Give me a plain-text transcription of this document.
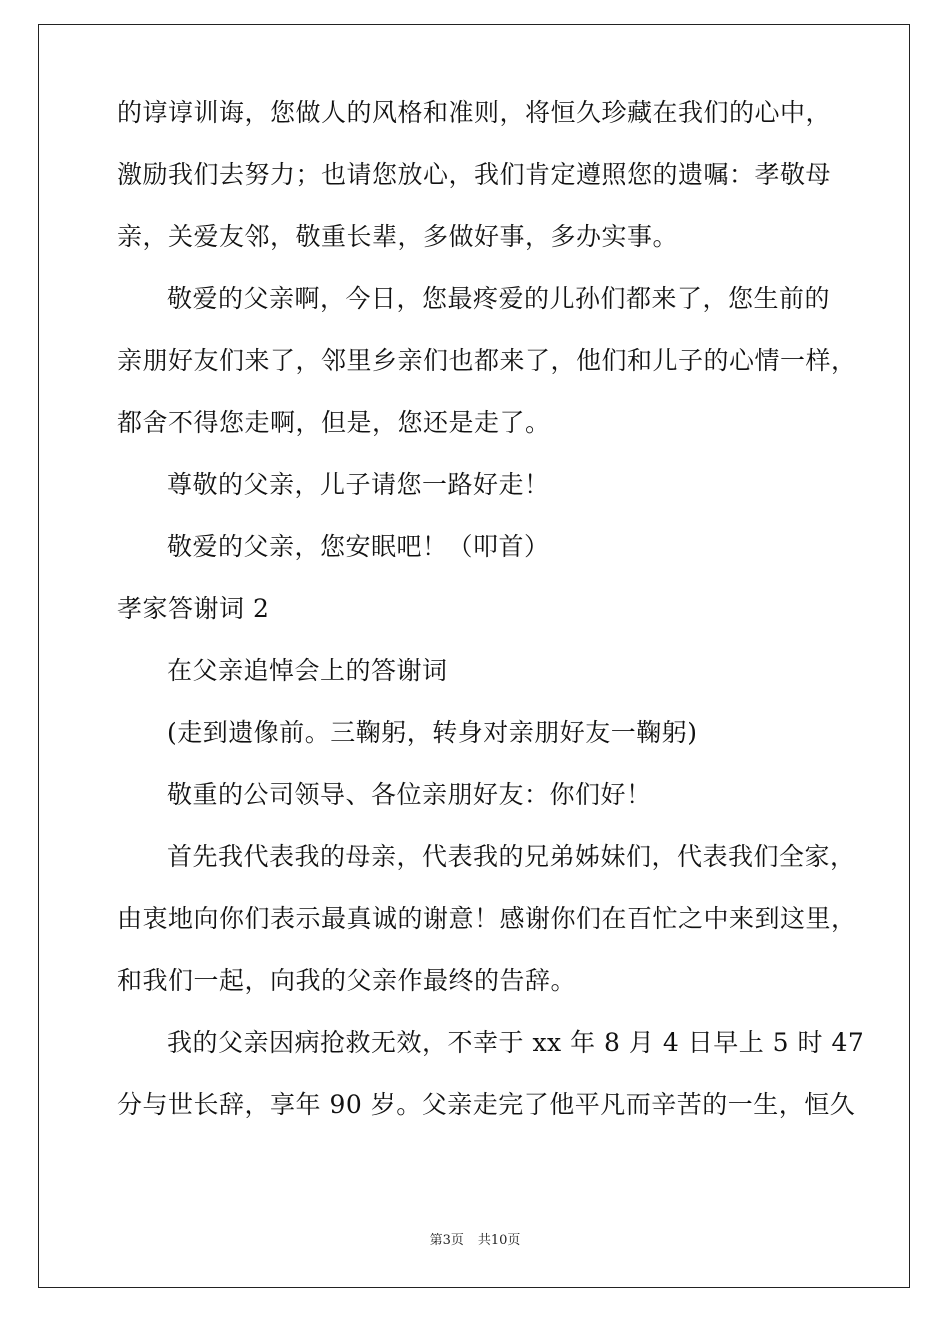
的谆谆训诲，您做人的风格和准则，将恒久珍藏在我们的心中，
激励我们去努力；也请您放心，我们肯定遵照您的遗嘱：孝敬母
亲，关爱友邻，敬重长辈，多做好事，多办实事。
敬爱的父亲啊，今日，您最疼爱的儿孙们都来了，您生前的
亲朋好友们来了，邻里乡亲们也都来了，他们和儿子的心情一样，
都舍不得您走啊，但是，您还是走了。
尊敬的父亲，儿子请您一路好走！
敬爱的父亲，您安眠吧！（叩首）
孝家答谢词 2
在父亲追悼会上的答谢词
(走到遗像前。三鞠躬，转身对亲朋好友一鞠躬)
敬重的公司领导、各位亲朋好友：你们好！
首先我代表我的母亲，代表我的兄弟姊妹们，代表我们全家，
由衷地向你们表示最真诚的谢意！感谢你们在百忙之中来到这里，
和我们一起，向我的父亲作最终的告辞。
我的父亲因病抢救无效，不幸于 xx 年 8 月 4 日早上 5 时 47
分与世长辞，享年 90 岁。父亲走完了他平凡而辛苦的一生，恒久
第3页 共10页
